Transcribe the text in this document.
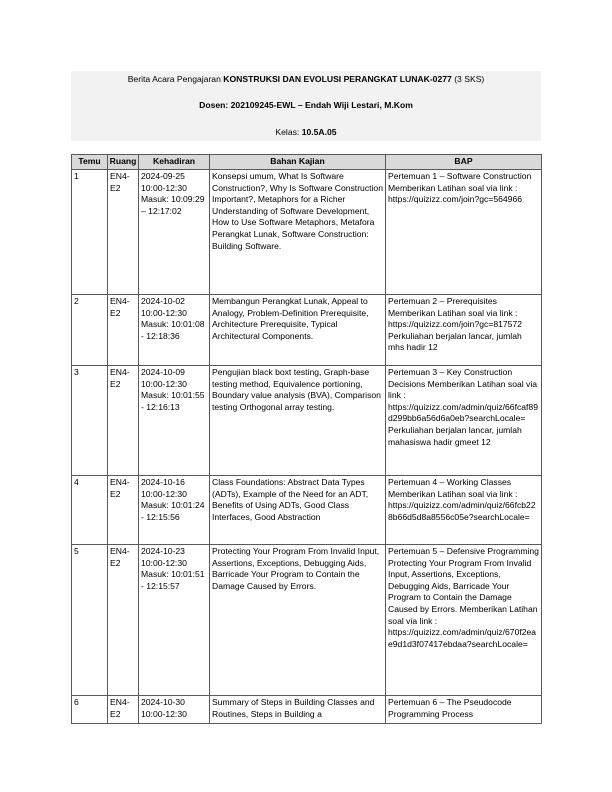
Berita Acara Pengajaran KONSTRUKSI DAN EVOLUSI PERANGKAT LUNAK-0277 (3 SKS)
Dosen: 202109245-EWL – Endah Wiji Lestari, M.Kom
Kelas: 10.5A.05
Temu	Ruang	Kehadiran	Bahan Kajian	BAP
1	EN4-E2	2024-09-25 10:00-12:30 Masuk: 10:09:29 – 12:17:02	Konsepsi umum, What Is Software Construction?, Why Is Software Construction Important?, Metaphors for a Richer Understanding of Software Development, How to Use Software Metaphors, Metafora Perangkat Lunak, Software Construction: Building Software.	Pertemuan 1 – Software Construction Memberikan Latihan soal via link : https://quizizz.com/join?gc=564966
2	EN4-E2	2024-10-02 10:00-12:30 Masuk: 10:01:08 - 12:18:36	Membangun Perangkat Lunak, Appeal to Analogy, Problem-Definition Prerequisite, Architecture Prerequisite, Typical Architectural Components.	Pertemuan 2 – Prerequisites Memberikan Latihan soal via link : https://quizizz.com/join?gc=817572 Perkuliahan berjalan lancar, jumlah mhs hadir 12
3	EN4-E2	2024-10-09 10:00-12:30 Masuk: 10:01:55 - 12:16:13	Pengujian black boxt testing, Graph-base testing method, Equivalence portioning, Boundary value analysis (BVA), Comparison testing Orthogonal array testing.	Pertemuan 3 – Key Construction Decisions Memberikan Latihan soal via link : https://quizizz.com/admin/quiz/66fcaf89d299bb6a56d6a0eb?searchLocale= Perkuliahan berjalan lancar, jumlah mahasiswa hadir gmeet 12
4	EN4-E2	2024-10-16 10:00-12:30 Masuk: 10:01:24 - 12:15:56	Class Foundations: Abstract Data Types (ADTs), Example of the Need for an ADT, Benefits of Using ADTs, Good Class Interfaces, Good Abstraction	Pertemuan 4 – Working Classes Memberikan Latihan soal via link : https://quizizz.com/admin/quiz/66fcb228b66d5d8a8556c05e?searchLocale=
5	EN4-E2	2024-10-23 10:00-12:30 Masuk: 10:01:51 - 12:15:57	Protecting Your Program From Invalid Input, Assertions, Exceptions, Debugging Aids, Barricade Your Program to Contain the Damage Caused by Errors.	Pertemuan 5 – Defensive Programming Protecting Your Program From Invalid Input, Assertions, Exceptions, Debugging Aids, Barricade Your Program to Contain the Damage Caused by Errors. Memberikan Latihan soal via link : https://quizizz.com/admin/quiz/670f2eae9d1d3f07417ebdaa?searchLocale=
6	EN4-E2	2024-10-30 10:00-12:30	Summary of Steps in Building Classes and Routines, Steps in Building a	Pertemuan 6 – The Pseudocode Programming Process
